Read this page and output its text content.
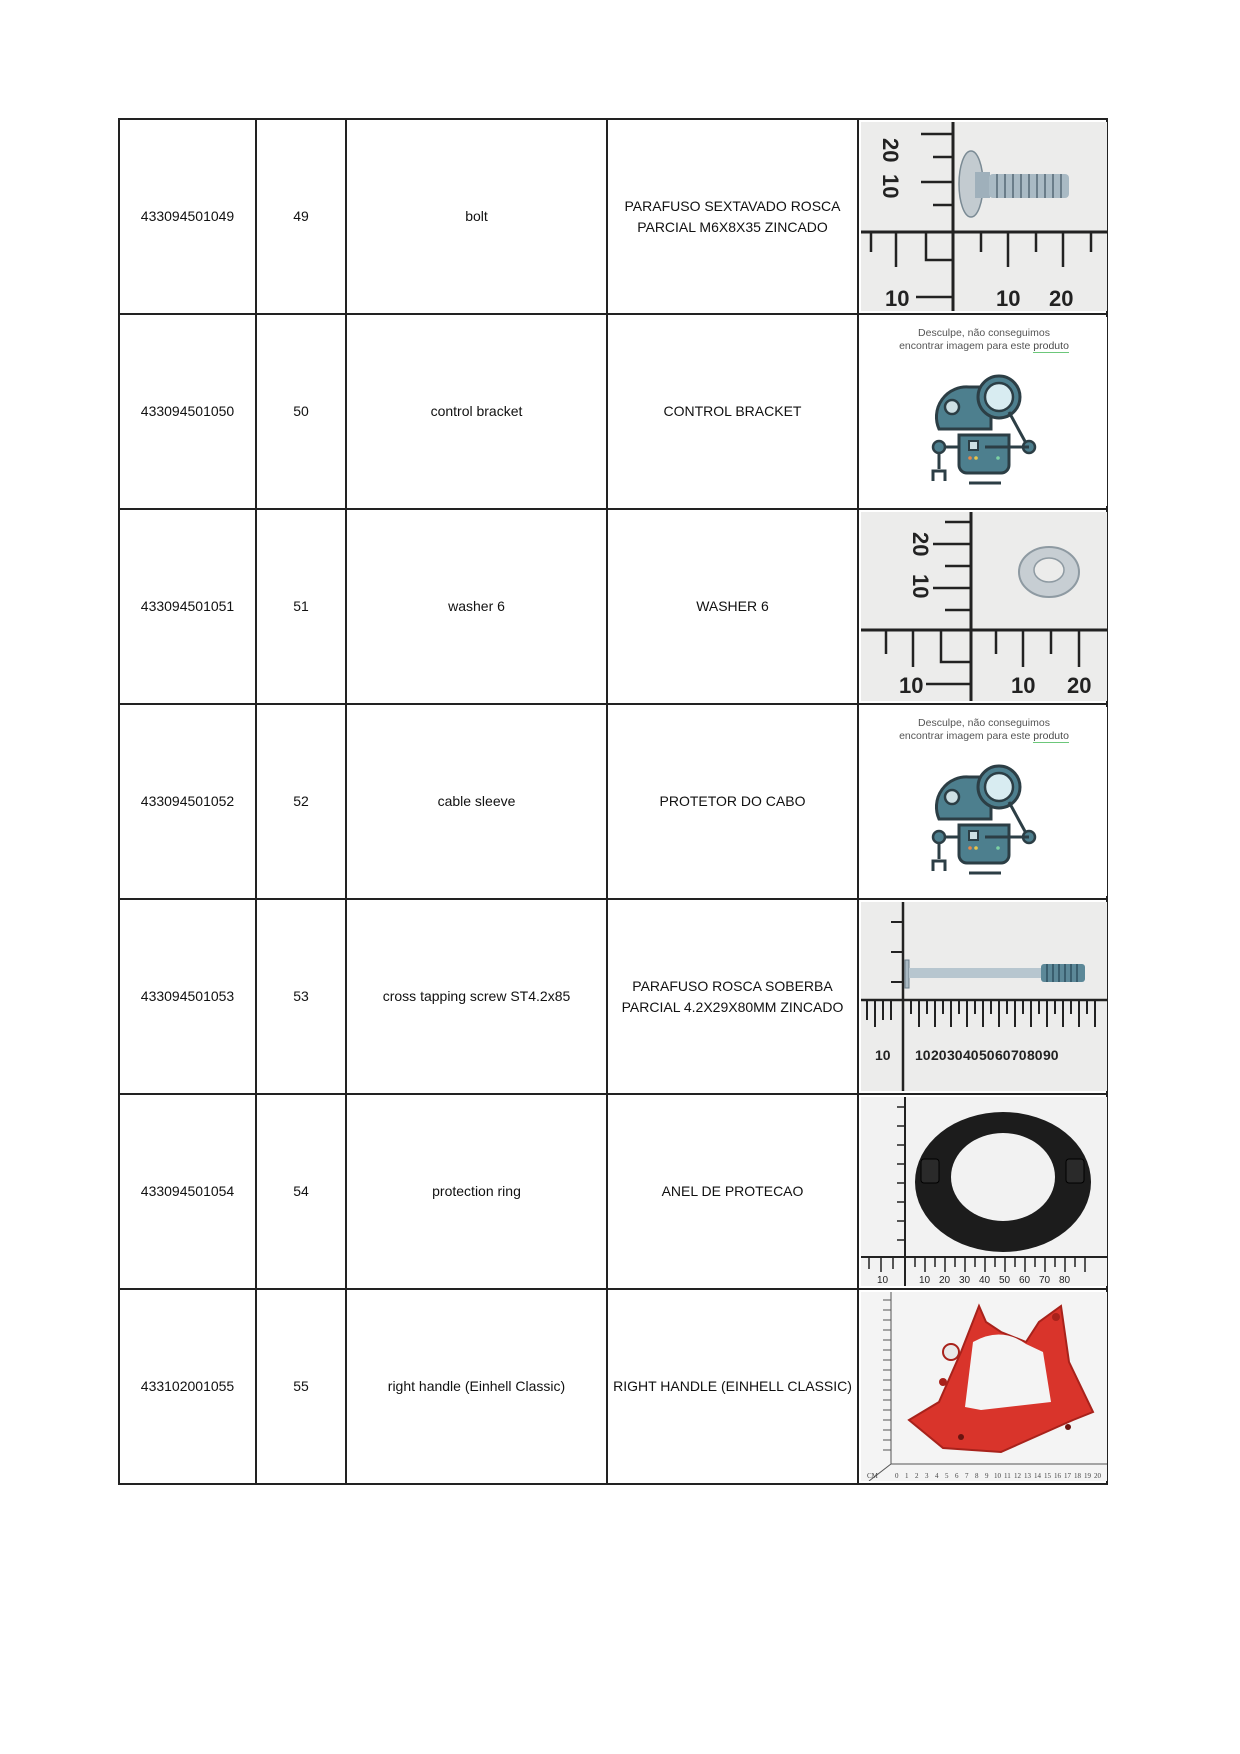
433094501049	49	bolt	PARAFUSO SEXTAVADO ROSCA PARCIAL M6X8X35 ZINCADO	20
10
10 10 20

433094501050	50	control bracket	CONTROL BRACKET	Desculpe, não conseguimos
encontrar imagem para este produto

433094501051	51	washer 6	WASHER 6	20
10
10 10 20

433094501052	52	cable sleeve	PROTETOR DO CABO	Desculpe, não conseguimos
encontrar imagem para este produto

433094501053	53	cross tapping screw ST4.2x85	PARAFUSO ROSCA SOBERBA PARCIAL 4.2X29X80MM ZINCADO	
10 10 20 30 40 50 60 70 80 90

433094501054	54	protection ring	ANEL DE PROTECAO	
10	10 20 30 40 50 60 70 80

433102001055	55	right handle (Einhell Classic)	RIGHT HANDLE (EINHELL CLASSIC)	
CM 0 1 2 3 4 5 6 7 8 9 10 11 12 13 14 15 16 17 18 19 20
